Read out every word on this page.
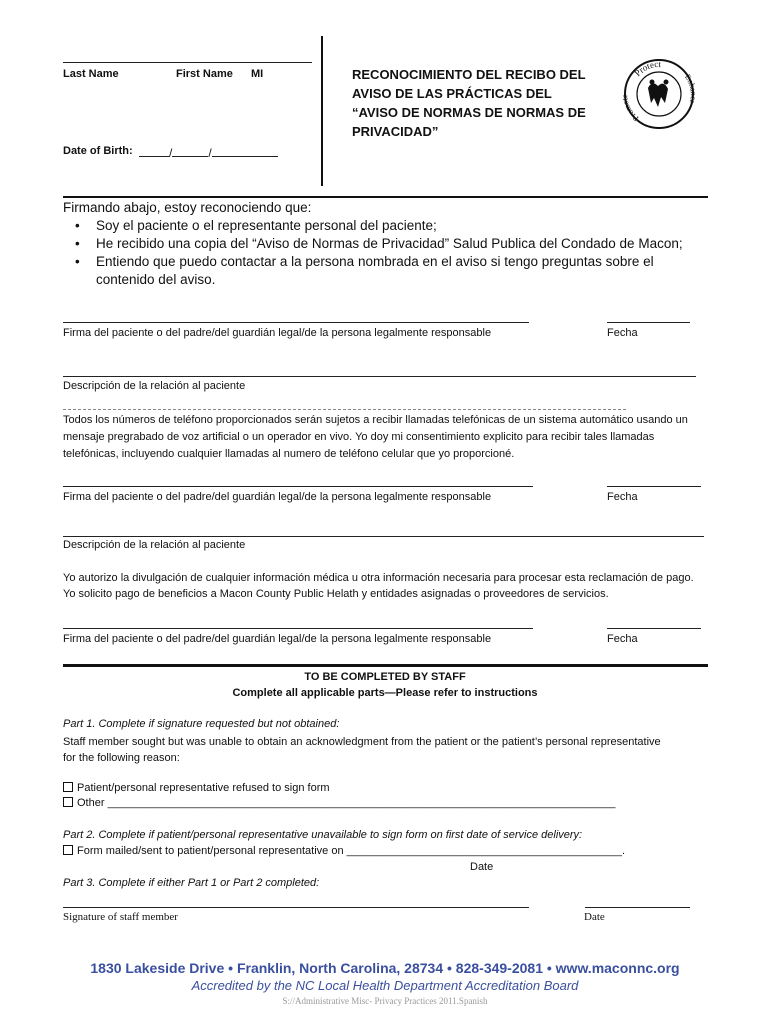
Last Name	First Name MI
Date of Birth:	/	/
RECONOCIMIENTO DEL RECIBO DEL AVISO DE LAS PRÁCTICAS DEL “AVISO DE NORMAS DE NORMAS DE PRIVACIDAD”
Protect
Prom
En
Firmando abajo, estoy reconociendo que:
• Soy el paciente o el representante personal del paciente;
• He recibido una copia del “Aviso de Normas de Privacidad” Salud Publica del Condado de Macon;
• Entiendo que puedo contactar a la persona nombrada en el aviso si tengo preguntas sobre el contenido del aviso.
Firma del paciente o del padre/del guardián legal/de la persona legalmente responsable	Fecha
Descripción de la relación al paciente
Todos los números de teléfono proporcionados serán sujetos a recibir llamadas telefónicas de un sistema automático usando un mensaje pregrabado de voz artificial o un operador en vivo. Yo doy mi consentimiento explicito para recibir tales llamadas telefónicas, incluyendo cualquier llamadas al numero de teléfono celular que yo proporcioné.
Firma del paciente o del padre/del guardián legal/de la persona legalmente responsable	Fecha
Descripción de la relación al paciente
Yo autorizo la divulgación de cualquier información médica u otra información necesaria para procesar esta reclamación de pago. Yo solicito pago de beneficios a Macon County Public Helath y entidades asignadas o proveedores de servicios.
Firma del paciente o del padre/del guardián legal/de la persona legalmente responsable	Fecha
TO BE COMPLETED BY STAFF
Complete all applicable parts—Please refer to instructions
Part 1. Complete if signature requested but not obtained:
Staff member sought but was unable to obtain an acknowledgment from the patient or the patient’s personal representative for the following reason:
Patient/personal representative refused to sign form
Other ___________________________________________________________________________________
Part 2. Complete if patient/personal representative unavailable to sign form on first date of service delivery:
Form mailed/sent to patient/personal representative on _____________________________________________.
Date
Part 3. Complete if either Part 1 or Part 2 completed:
Signature of staff member	Date
1830 Lakeside Drive • Franklin, North Carolina, 28734 • 828-349-2081 • www.maconnc.org
Accredited by the NC Local Health Department Accreditation Board
S://Administrative Misc- Privacy Practices 2011.Spanish
